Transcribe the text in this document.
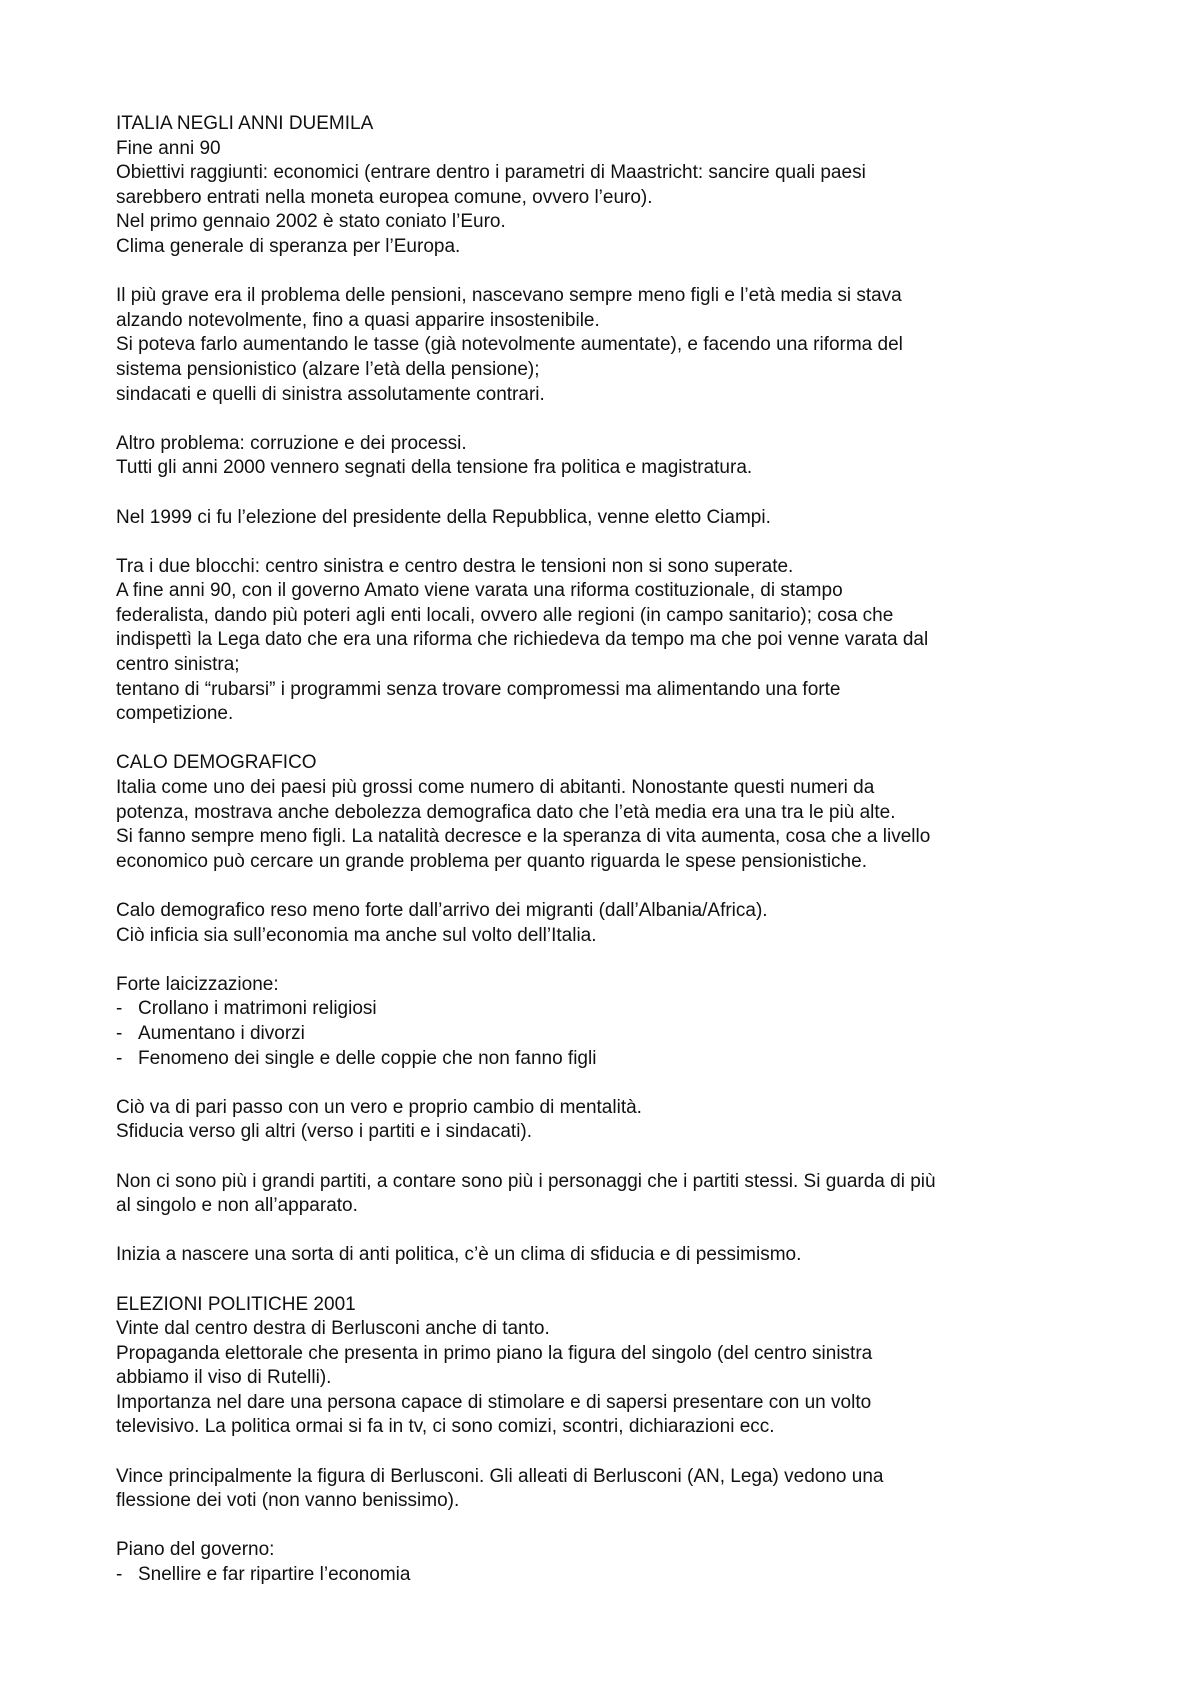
ITALIA NEGLI ANNI DUEMILA
Fine anni 90
Obiettivi raggiunti: economici (entrare dentro i parametri di Maastricht: sancire quali paesi
sarebbero entrati nella moneta europea comune, ovvero l’euro).
Nel primo gennaio 2002 è stato coniato l’Euro.
Clima generale di speranza per l’Europa.
Il più grave era il problema delle pensioni, nascevano sempre meno figli e l’età media si stava
alzando notevolmente, fino a quasi apparire insostenibile.
Si poteva farlo aumentando le tasse (già notevolmente aumentate), e facendo una riforma del
sistema pensionistico (alzare l’età della pensione);
sindacati e quelli di sinistra assolutamente contrari.
Altro problema: corruzione e dei processi.
Tutti gli anni 2000 vennero segnati della tensione fra politica e magistratura.
Nel 1999 ci fu l’elezione del presidente della Repubblica, venne eletto Ciampi.
Tra i due blocchi: centro sinistra e centro destra le tensioni non si sono superate.
A fine anni 90, con il governo Amato viene varata una riforma costituzionale, di stampo
federalista, dando più poteri agli enti locali, ovvero alle regioni (in campo sanitario); cosa che
indispettì la Lega dato che era una riforma che richiedeva da tempo ma che poi venne varata dal
centro sinistra;
tentano di “rubarsi” i programmi senza trovare compromessi ma alimentando una forte
competizione.
CALO DEMOGRAFICO
Italia come uno dei paesi più grossi come numero di abitanti. Nonostante questi numeri da
potenza, mostrava anche debolezza demografica dato che l’età media era una tra le più alte.
Si fanno sempre meno figli. La natalità decresce e la speranza di vita aumenta, cosa che a livello
economico può cercare un grande problema per quanto riguarda le spese pensionistiche.
Calo demografico reso meno forte dall’arrivo dei migranti (dall’Albania/Africa).
Ciò inficia sia sull’economia ma anche sul volto dell’Italia.
Forte laicizzazione:
- Crollano i matrimoni religiosi
- Aumentano i divorzi
- Fenomeno dei single e delle coppie che non fanno figli
Ciò va di pari passo con un vero e proprio cambio di mentalità.
Sfiducia verso gli altri (verso i partiti e i sindacati).
Non ci sono più i grandi partiti, a contare sono più i personaggi che i partiti stessi. Si guarda di più
al singolo e non all’apparato.
Inizia a nascere una sorta di anti politica, c’è un clima di sfiducia e di pessimismo.
ELEZIONI POLITICHE 2001
Vinte dal centro destra di Berlusconi anche di tanto.
Propaganda elettorale che presenta in primo piano la figura del singolo (del centro sinistra
abbiamo il viso di Rutelli).
Importanza nel dare una persona capace di stimolare e di sapersi presentare con un volto
televisivo. La politica ormai si fa in tv, ci sono comizi, scontri, dichiarazioni ecc.
Vince principalmente la figura di Berlusconi. Gli alleati di Berlusconi (AN, Lega) vedono una
flessione dei voti (non vanno benissimo).
Piano del governo:
- Snellire e far ripartire l’economia
